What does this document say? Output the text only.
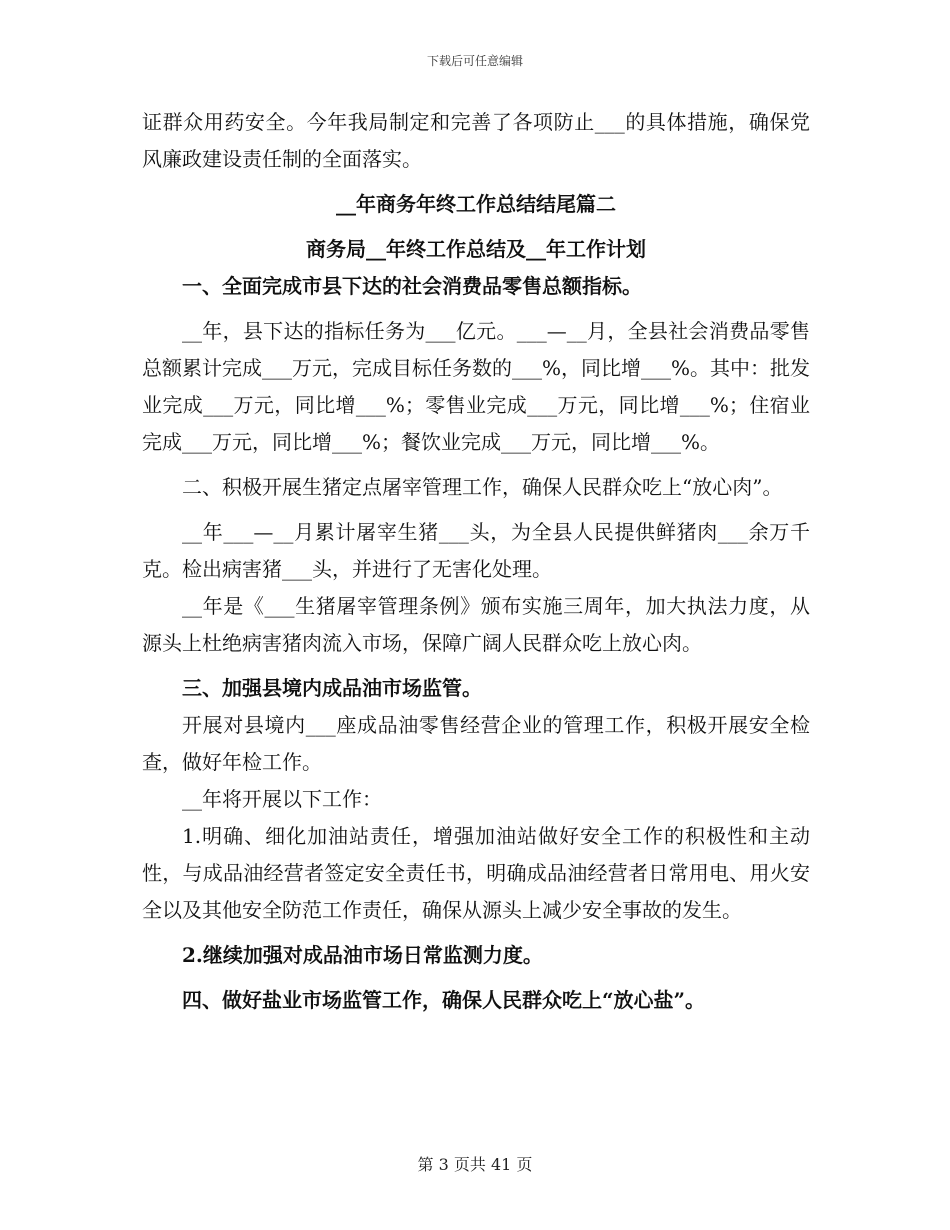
下载后可任意编辑

证群众用药安全。今年我局制定和完善了各项防止___的具体措施，确保党风廉政建设责任制的全面落实。

__年商务年终工作总结结尾篇二

商务局__年终工作总结及__年工作计划

一、全面完成市县下达的社会消费品零售总额指标。

__年，县下达的指标任务为___亿元。___—__月，全县社会消费品零售总额累计完成___万元，完成目标任务数的___%，同比增___%。其中：批发业完成___万元，同比增___%；零售业完成___万元，同比增___%；住宿业完成___万元，同比增___%；餐饮业完成___万元，同比增___%。

二、积极开展生猪定点屠宰管理工作，确保人民群众吃上“放心肉”。

__年___—__月累计屠宰生猪___头，为全县人民提供鲜猪肉___余万千克。检出病害猪___头，并进行了无害化处理。

__年是《___生猪屠宰管理条例》颁布实施三周年，加大执法力度，从源头上杜绝病害猪肉流入市场，保障广阔人民群众吃上放心肉。

三、加强县境内成品油市场监管。

开展对县境内___座成品油零售经营企业的管理工作，积极开展安全检查，做好年检工作。

__年将开展以下工作：

1.明确、细化加油站责任，增强加油站做好安全工作的积极性和主动性，与成品油经营者签定安全责任书，明确成品油经营者日常用电、用火安全以及其他安全防范工作责任，确保从源头上减少安全事故的发生。

2.继续加强对成品油市场日常监测力度。

四、做好盐业市场监管工作，确保人民群众吃上“放心盐”。

第 3 页共 41 页
